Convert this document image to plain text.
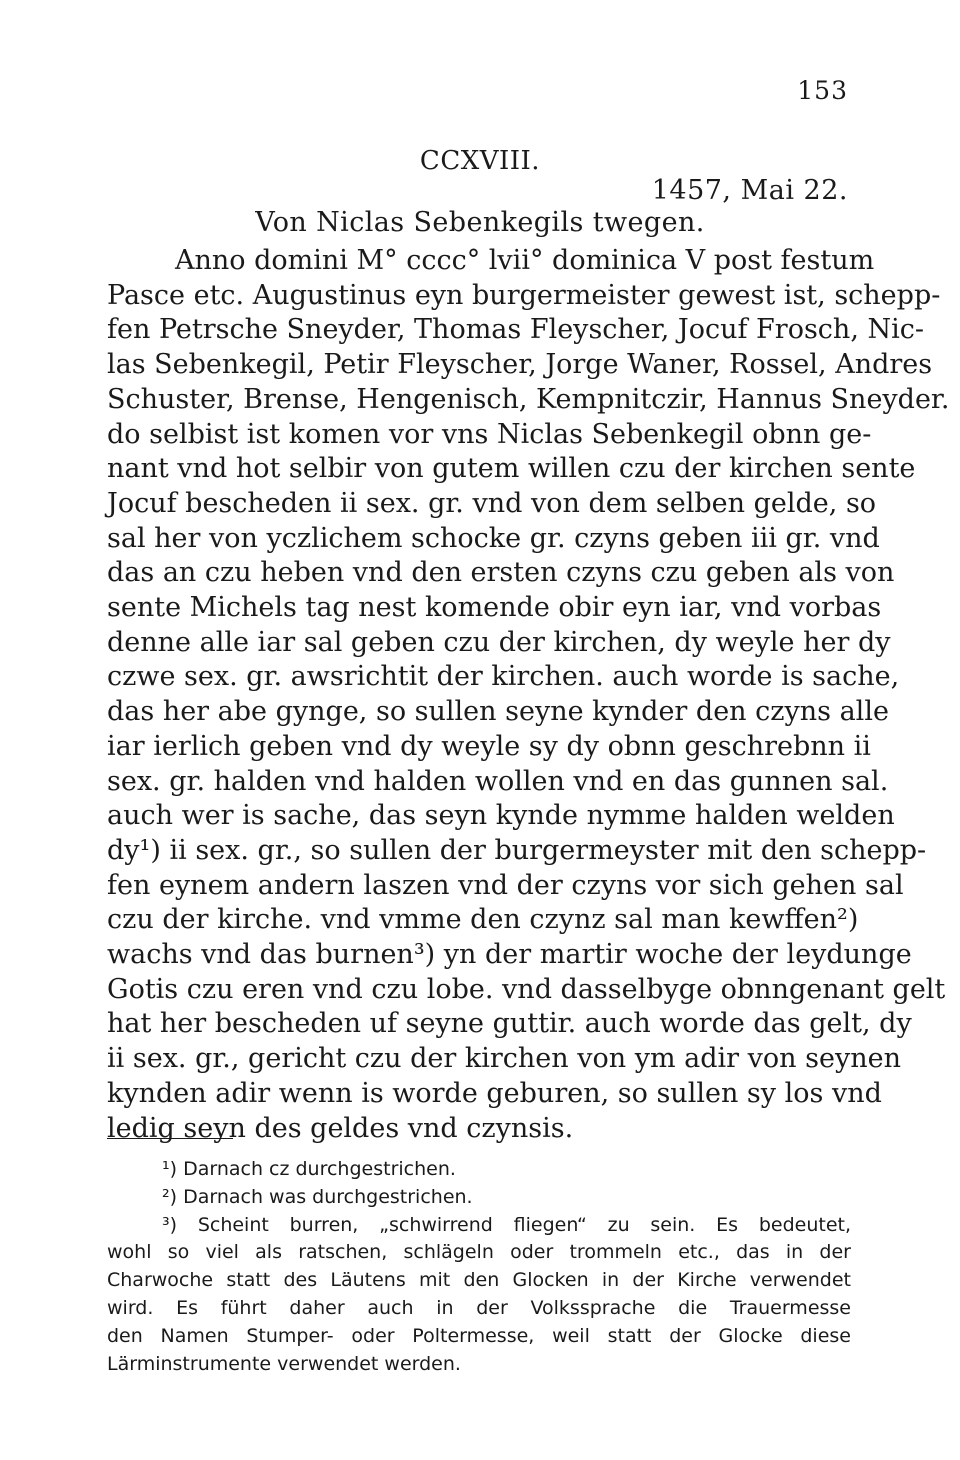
153
CCXVIII.
1457, Mai 22.
Von Niclas Sebenkegils twegen.
Anno domini M° cccc° lvii° dominica V post festum
Pasce etc. Augustinus eyn burgermeister gewest ist, schepp-
fen Petrsche Sneyder, Thomas Fleyscher, Jocuf Frosch, Nic-
las Sebenkegil, Petir Fleyscher, Jorge Waner, Rossel, Andres
Schuster, Brense, Hengenisch, Kempnitczir, Hannus Sneyder.
do selbist ist komen vor vns Niclas Sebenkegil obnn ge-
nant vnd hot selbir von gutem willen czu der kirchen sente
Jocuf bescheden ii sex. gr. vnd von dem selben gelde, so
sal her von yczlichem schocke gr. czyns geben iii gr. vnd
das an czu heben vnd den ersten czyns czu geben als von
sente Michels tag nest komende obir eyn iar, vnd vorbas
denne alle iar sal geben czu der kirchen, dy weyle her dy
czwe sex. gr. awsrichtit der kirchen. auch worde is sache,
das her abe gynge, so sullen seyne kynder den czyns alle
iar ierlich geben vnd dy weyle sy dy obnn geschrebnn ii
sex. gr. halden vnd halden wollen vnd en das gunnen sal.
auch wer is sache, das seyn kynde nymme halden welden
dy¹) ii sex. gr., so sullen der burgermeyster mit den schepp-
fen eynem andern laszen vnd der czyns vor sich gehen sal
czu der kirche. vnd vmme den czynz sal man kewffen²)
wachs vnd das burnen³) yn der martir woche der leydunge
Gotis czu eren vnd czu lobe. vnd dasselbyge obnngenant gelt
hat her bescheden uf seyne guttir. auch worde das gelt, dy
ii sex. gr., gericht czu der kirchen von ym adir von seynen
kynden adir wenn is worde geburen, so sullen sy los vnd
ledig seyn des geldes vnd czynsis.
¹) Darnach cz durchgestrichen.
²) Darnach was durchgestrichen.
³) Scheint burren, „schwirrend fliegen“ zu sein. Es bedeutet,
wohl so viel als ratschen, schlägeln oder trommeln etc., das in der
Charwoche statt des Läutens mit den Glocken in der Kirche verwendet
wird. Es führt daher auch in der Volkssprache die Trauermesse
den Namen Stumper- oder Poltermesse, weil statt der Glocke diese
Lärminstrumente verwendet werden.
